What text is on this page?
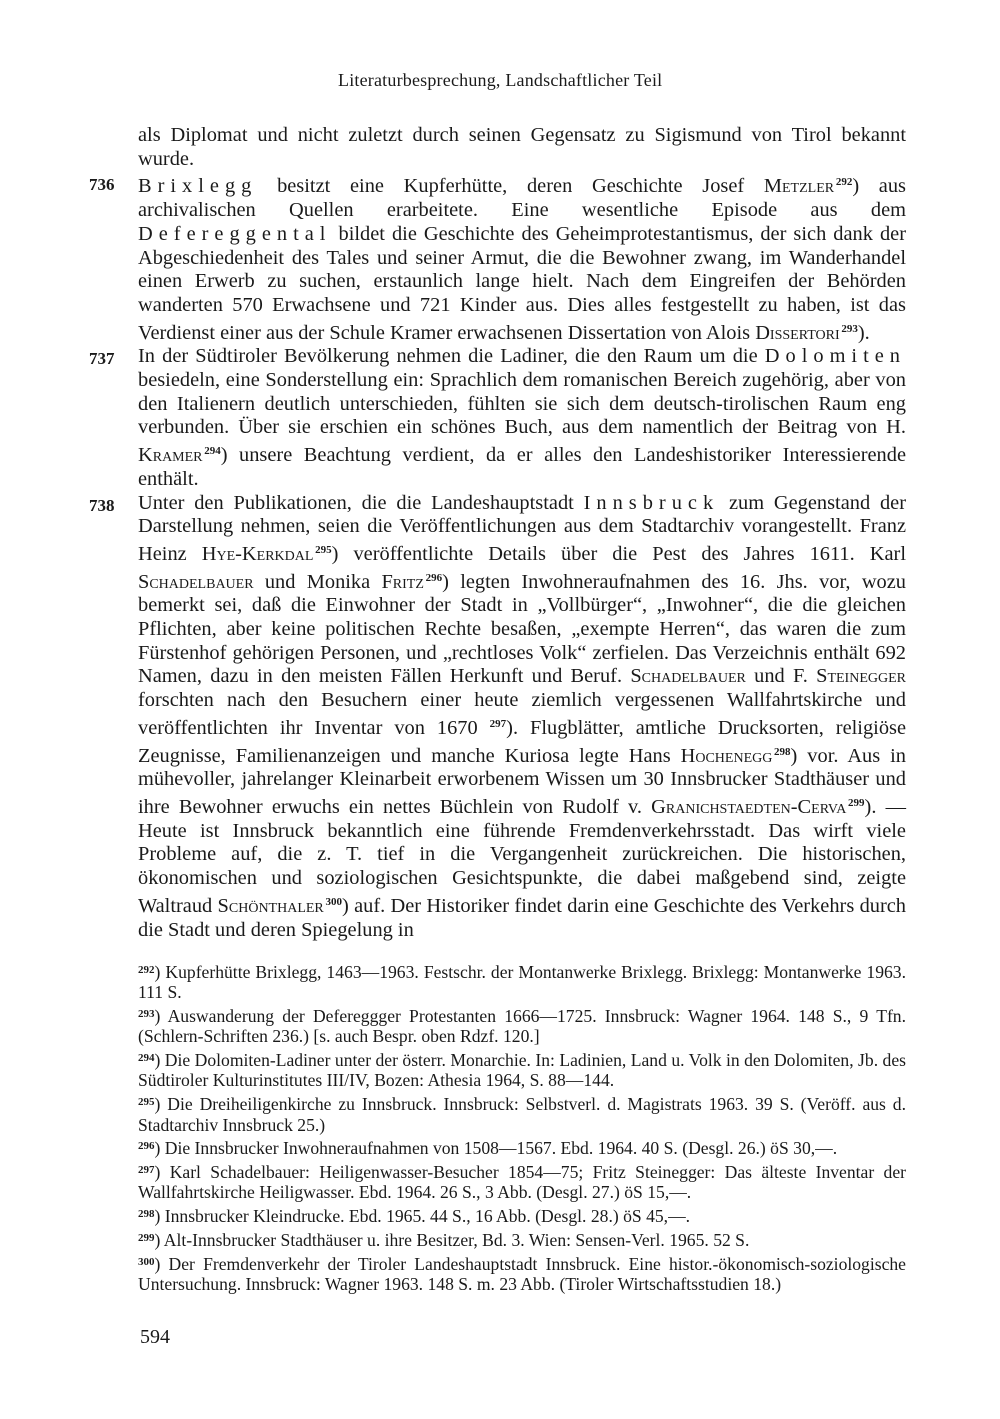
Literaturbesprechung, Landschaftlicher Teil

als Diplomat und nicht zuletzt durch seinen Gegensatz zu Sigismund von Tirol bekannt wurde.

736 Brixlegg besitzt eine Kupferhütte, deren Geschichte Josef Metzler  $^{292}$) aus archivalischen Quellen erarbeitete. Eine wesentliche Episode aus dem Defereggental bildet die Geschichte des Geheimprotestantismus, der sich dank der Abgeschiedenheit des Tales und seiner Armut, die die Bewohner zwang, im Wanderhandel einen Erwerb zu suchen, erstaunlich lange hielt. Nach dem Eingreifen der Behörden wanderten 570 Erwachsene und 721 Kinder aus. Dies alles festgestellt zu haben, ist das Verdienst einer aus der Schule Kramer erwachsenen Dissertation von Alois Dissertori  $^{293}$).

737 In der Südtiroler Bevölkerung nehmen die Ladiner, die den Raum um die Dolomiten besiedeln, eine Sonderstellung ein: Sprachlich dem romanischen Bereich zugehörig, aber von den Italienern deutlich unterschieden, fühlten sie sich dem deutsch-tirolischen Raum eng verbunden. Über sie erschien ein schönes Buch, aus dem namentlich der Beitrag von H. Kramer  $^{294}$) unsere Beachtung verdient, da er alles den Landeshistoriker Interessierende enthält.

738 Unter den Publikationen, die die Landeshauptstadt Innsbruck zum Gegenstand der Darstellung nehmen, seien die Veröffentlichungen aus dem Stadtarchiv vorangestellt. Franz Heinz Hye-Kerkdal  $^{295}$) veröffentlichte Details über die Pest des Jahres 1611. Karl Schadelbauer und Monika Fritz  $^{296}$) legten Inwohneraufnahmen des 16. Jhs. vor, wozu bemerkt sei, daß die Einwohner der Stadt in „Vollbürger“, „Inwohner“, die die gleichen Pflichten, aber keine politischen Rechte besaßen, „exempte Herren“, das waren die zum Fürstenhof gehörigen Personen, und „rechtloses Volk“ zerfielen. Das Verzeichnis enthält 692 Namen, dazu in den meisten Fällen Herkunft und Beruf. Schadelbauer und F. Steinegger forschten nach den Besuchern einer heute ziemlich vergessenen Wallfahrtskirche und veröffentlichten ihr Inventar von 1670 $^{297}$). Flugblätter, amtliche Drucksorten, religiöse Zeugnisse, Familienanzeigen und manche Kuriosa legte Hans Hochenegg  $^{298}$) vor. Aus in mühevoller, jahrelanger Kleinarbeit erworbenem Wissen um 30 Innsbrucker Stadthäuser und ihre Bewohner erwuchs ein nettes Büchlein von Rudolf v. Granichstaedten-Cerva  $^{299}$). — Heute ist Innsbruck bekanntlich eine führende Fremdenverkehrsstadt. Das wirft viele Probleme auf, die z. T. tief in die Vergangenheit zurückreichen. Die historischen, ökonomischen und soziologischen Gesichtspunkte, die dabei maßgebend sind, zeigte Waltraud Schönthaler  $^{300}$) auf. Der Historiker findet darin eine Geschichte des Verkehrs durch die Stadt und deren Spiegelung in

$^{292}$) Kupferhütte Brixlegg, 1463—1963. Festschr. der Montanwerke Brixlegg. Brixlegg: Montanwerke 1963. 111 S.

$^{293}$) Auswanderung der Defereggger Protestanten 1666—1725. Innsbruck: Wagner 1964. 148 S., 9 Tfn. (Schlern-Schriften 236.) [s. auch Bespr. oben Rdzf. 120.]

$^{294}$) Die Dolomiten-Ladiner unter der österr. Monarchie. In: Ladinien, Land u. Volk in den Dolomiten, Jb. des Südtiroler Kulturinstitutes III/IV, Bozen: Athesia 1964, S. 88—144.

$^{295}$) Die Dreiheiligenkirche zu Innsbruck. Innsbruck: Selbstverl. d. Magistrats 1963. 39 S. (Veröff. aus d. Stadtarchiv Innsbruck 25.)

$^{296}$) Die Innsbrucker Inwohneraufnahmen von 1508—1567. Ebd. 1964. 40 S. (Desgl. 26.) öS 30,—.

$^{297}$) Karl Schadelbauer: Heiligenwasser-Besucher 1854—75; Fritz Steinegger: Das älteste Inventar der Wallfahrtskirche Heiligwasser. Ebd. 1964. 26 S., 3 Abb. (Desgl. 27.) öS 15,—.

$^{298}$) Innsbrucker Kleindrucke. Ebd. 1965. 44 S., 16 Abb. (Desgl. 28.) öS 45,—.

$^{299}$) Alt-Innsbrucker Stadthäuser u. ihre Besitzer, Bd. 3. Wien: Sensen-Verl. 1965. 52 S.

$^{300}$) Der Fremdenverkehr der Tiroler Landeshauptstadt Innsbruck. Eine histor.-ökonomisch-soziologische Untersuchung. Innsbruck: Wagner 1963. 148 S. m. 23 Abb. (Tiroler Wirtschaftsstudien 18.)

594
